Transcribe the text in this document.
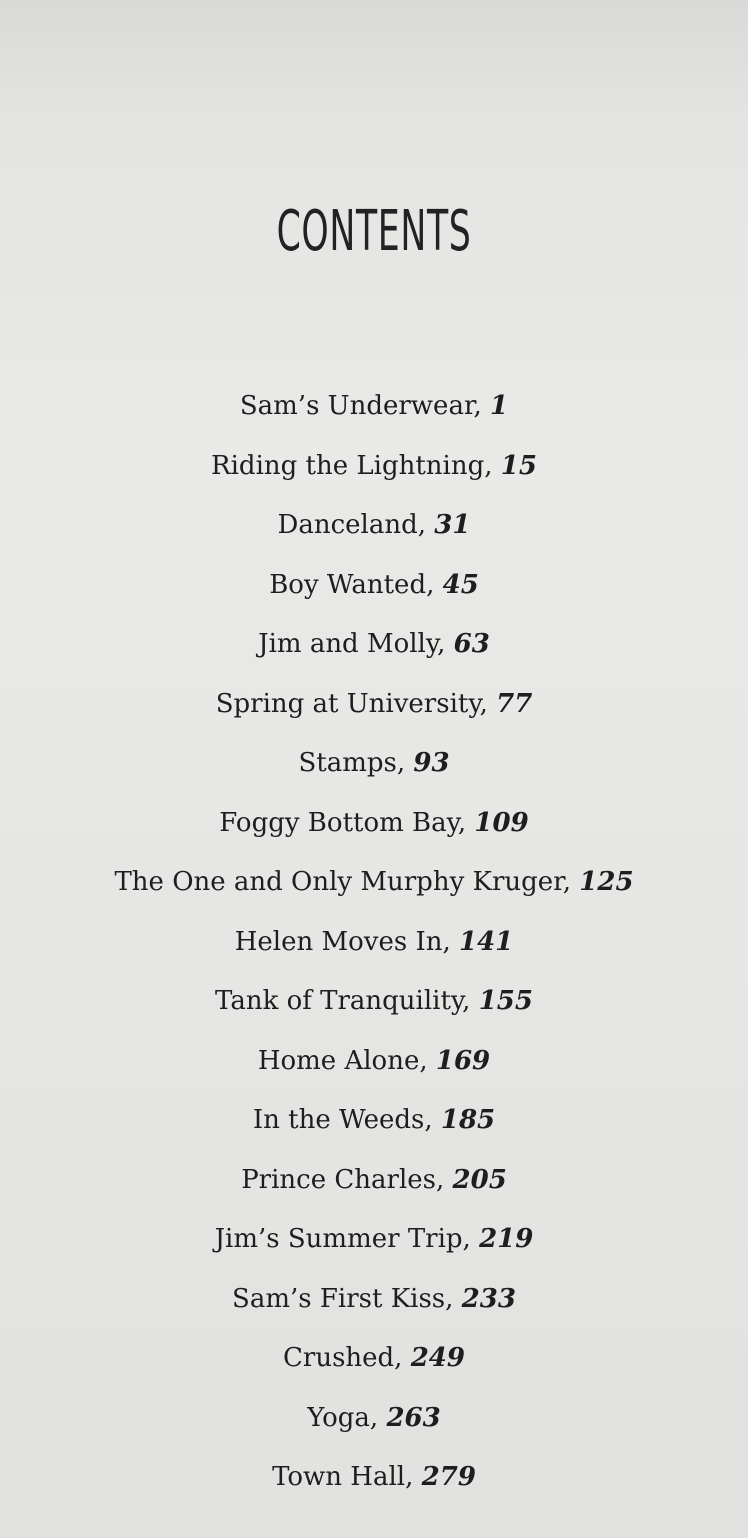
CONTENTS
Sam’s Underwear, 1
Riding the Lightning, 15
Danceland, 31
Boy Wanted, 45
Jim and Molly, 63
Spring at University, 77
Stamps, 93
Foggy Bottom Bay, 109
The One and Only Murphy Kruger, 125
Helen Moves In, 141
Tank of Tranquility, 155
Home Alone, 169
In the Weeds, 185
Prince Charles, 205
Jim’s Summer Trip, 219
Sam’s First Kiss, 233
Crushed, 249
Yoga, 263
Town Hall, 279
